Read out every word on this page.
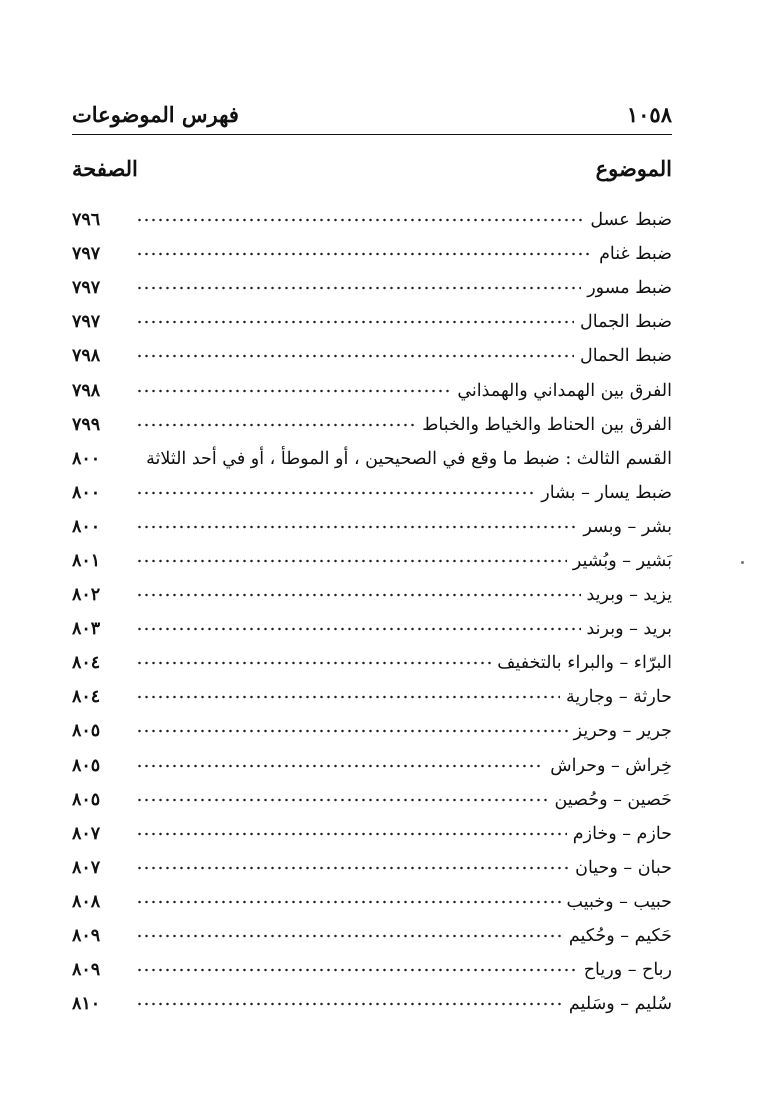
١٠٥٨
فهرس الموضوعات
الموضوع
الصفحة
ضبط عسل
٧٩٦
ضبط غنام
٧٩٧
ضبط مسور
٧٩٧
ضبط الجمال
٧٩٧
ضبط الحمال
٧٩٨
الفرق بين الهمداني والهمذاني
٧٩٨
الفرق بين الحناط والخياط والخباط
٧٩٩
القسم الثالث : ضبط ما وقع في الصحيحين ، أو الموطأ ، أو في أحد الثلاثة
٨٠٠
ضبط يسار – بشار
٨٠٠
بشر – وبسر
٨٠٠
بَشير – وبُشير
٨٠١
يزيد – وبريد
٨٠٢
بريد – وبرند
٨٠٣
البرّاء – والبراء بالتخفيف
٨٠٤
حارثة – وجارية
٨٠٤
جرير – وحريز
٨٠٥
خِراش – وحراش
٨٠٥
حَصين – وحُصين
٨٠٥
حازم – وخازم
٨٠٧
حبان – وحيان
٨٠٧
حبيب – وخبيب
٨٠٨
حَكيم – وحُكيم
٨٠٩
رباح – ورياح
٨٠٩
سُليم – وسَليم
٨١٠
